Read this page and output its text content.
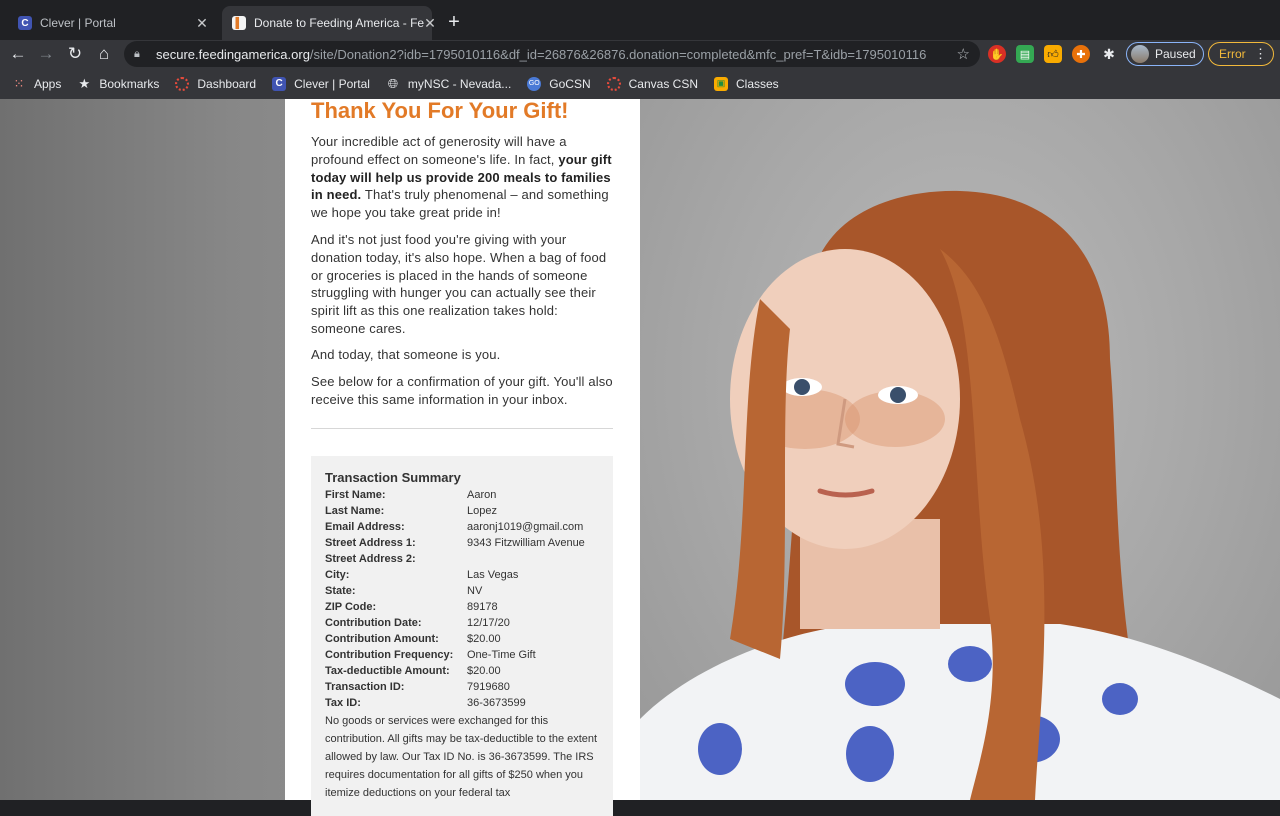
C Clever | Portal	✕	▌ Donate to Feeding America - Fe ✕ +
← → ↻ ⌂	🔒︎	secure.feedingamerica.org/site/Donation2?idb=1795010116&df_id=26876&26876.donation=completed&mfc_pref=T&idb=1795010116	☆ ✋	▤	👍︎	✚	✱	Paused Error ⋮
⁙ Apps ★ Bookmarks	Dashboard	C Clever | Portal 🌐︎ myNSC - Nevada...	GO GoCSN	Canvas CSN	▣ Classes
Thank You For Your Gift!

Your incredible act of generosity will have a profound effect on someone's life. In fact, your gift today will help us provide 200 meals to families in need. That's truly phenomenal – and something we hope you take great pride in!

And it's not just food you're giving with your donation today, it's also hope. When a bag of food or groceries is placed in the hands of someone struggling with hunger you can actually see their spirit lift as this one realization takes hold: someone cares.

And today, that someone is you.

See below for a confirmation of your gift. You'll also receive this same information in your inbox.

Transaction Summary
First Name:	Aaron
Last Name:	Lopez
Email Address:	aaronj1019@gmail.com
Street Address 1:	9343 Fitzwilliam Avenue
Street Address 2:
City:	Las Vegas
State:	NV
ZIP Code:	89178
Contribution Date:	12/17/20
Contribution Amount:	$20.00
Contribution Frequency:	One-Time Gift
Tax-deductible Amount:	$20.00
Transaction ID:	7919680
Tax ID:	36-3673599

No goods or services were exchanged for this contribution. All gifts may be tax-deductible to the extent allowed by law. Our Tax ID No. is 36-3673599. The IRS requires documentation for all gifts of $250 when you itemize deductions on your federal tax
